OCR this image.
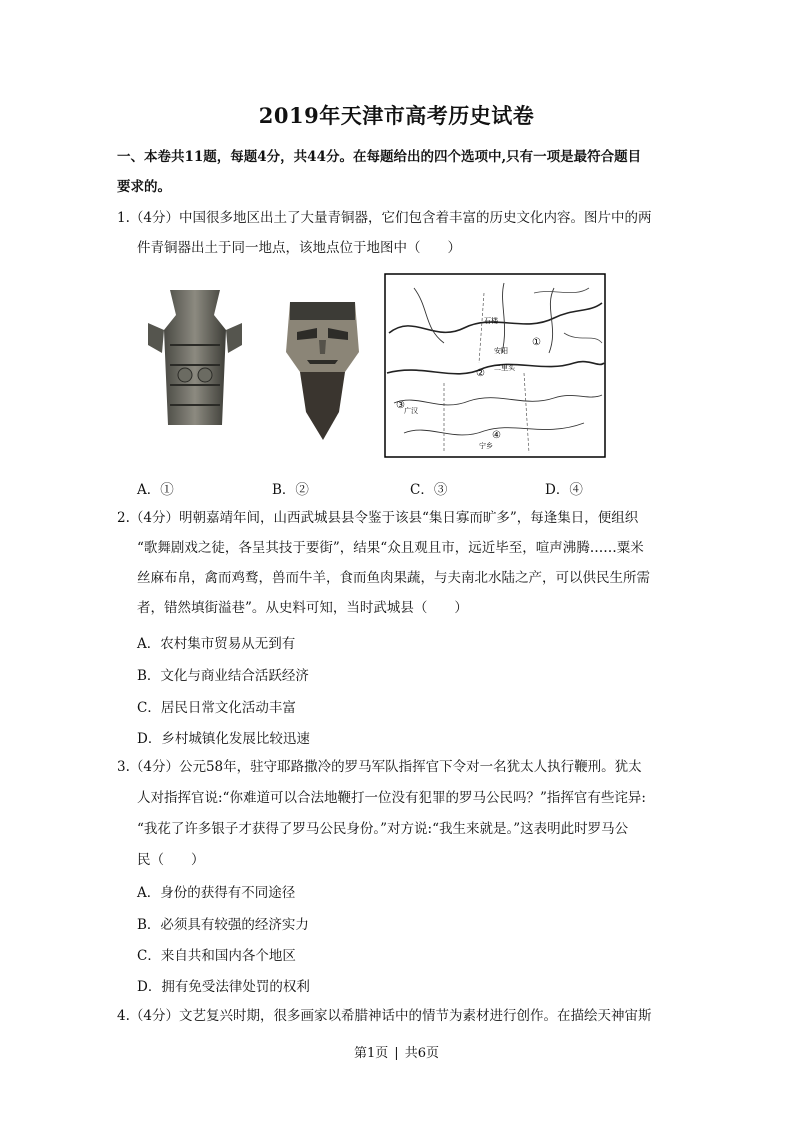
2019年天津市高考历史试卷
一、本卷共11题，每题4分，共44分。在每题给出的四个选项中,只有一项是最符合题目
要求的。
1.（4分）中国很多地区出土了大量青铜器，它们包含着丰富的历史文化内容。图片中的两
件青铜器出土于同一地点，该地点位于地图中（　　）
石楼
安阳
二里头
广汉
宁乡
①
②
③
④
A．①	B．②	C．③	D．④
2.（4分）明朝嘉靖年间，山西武城县县令鉴于该县“集日寡而旷多”，每逢集日，便组织
“歌舞剧戏之徒，各呈其技于要街”，结果“众且观且市，远近毕至，喧声沸腾……粟米
丝麻布帛，禽而鸡鹜，兽而牛羊，食而鱼肉果蔬，与夫南北水陆之产，可以供民生所需
者，错然填街溢巷”。从史料可知，当时武城县（　　）
A．农村集市贸易从无到有
B．文化与商业结合活跃经济
C．居民日常文化活动丰富
D．乡村城镇化发展比较迅速
3.（4分）公元58年，驻守耶路撒冷的罗马军队指挥官下令对一名犹太人执行鞭刑。犹太
人对指挥官说:“你难道可以合法地鞭打一位没有犯罪的罗马公民吗？”指挥官有些诧异:
“我花了许多银子才获得了罗马公民身份。”对方说:“我生来就是。”这表明此时罗马公
民（　　）
A．身份的获得有不同途径
B．必须具有较强的经济实力
C．来自共和国内各个地区
D．拥有免受法律处罚的权利
4.（4分）文艺复兴时期，很多画家以希腊神话中的情节为素材进行创作。在描绘天神宙斯
第1页 | 共6页
